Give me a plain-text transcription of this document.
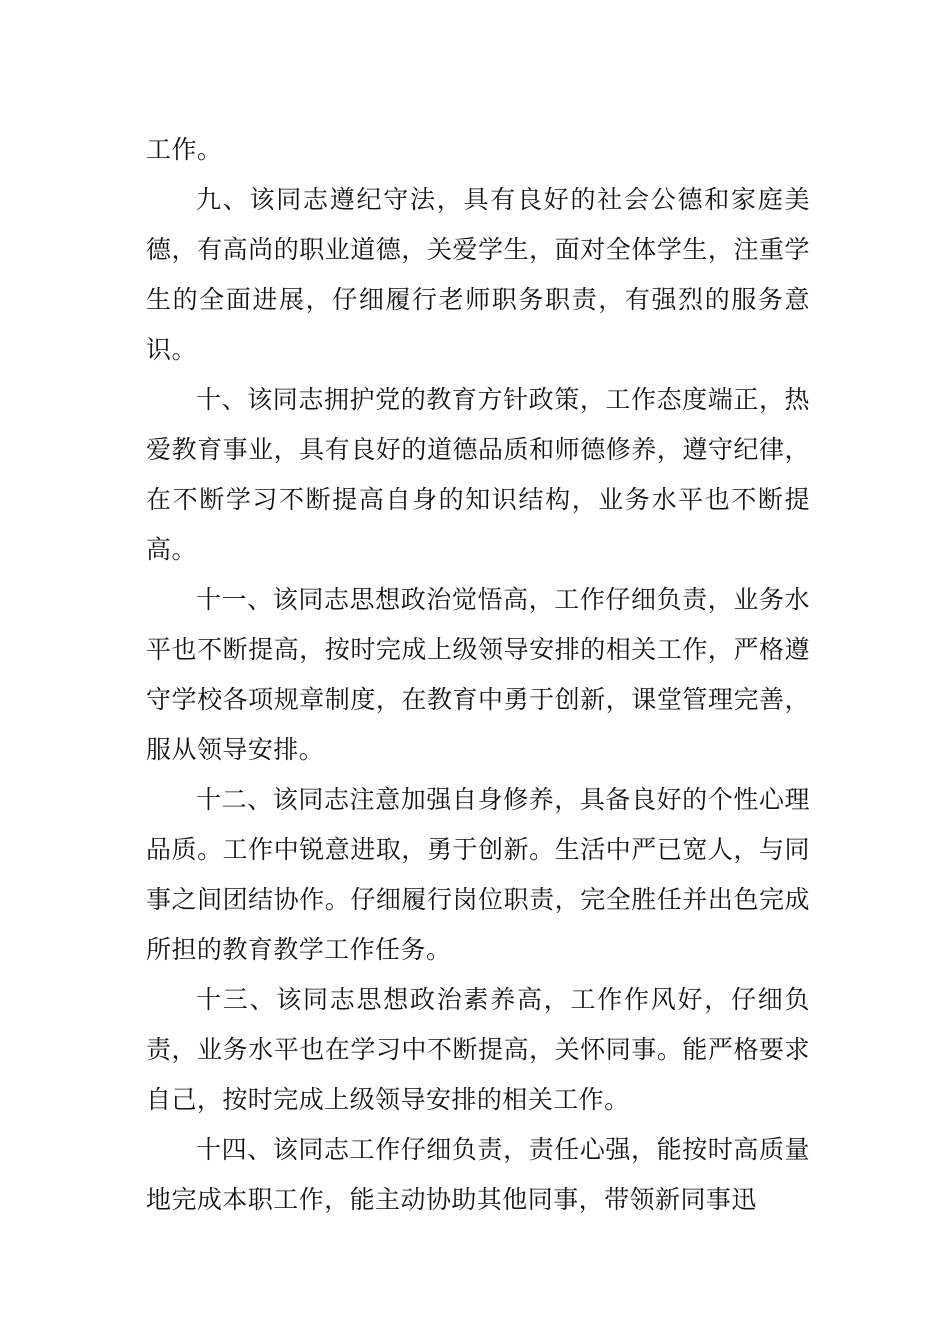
工作。

九、该同志遵纪守法，具有良好的社会公德和家庭美德，有高尚的职业道德，关爱学生，面对全体学生，注重学生的全面进展，仔细履行老师职务职责，有强烈的服务意识。

十、该同志拥护党的教育方针政策，工作态度端正，热爱教育事业，具有良好的道德品质和师德修养，遵守纪律，在不断学习不断提高自身的知识结构，业务水平也不断提高。

十一、该同志思想政治觉悟高，工作仔细负责，业务水平也不断提高，按时完成上级领导安排的相关工作，严格遵守学校各项规章制度，在教育中勇于创新，课堂管理完善，服从领导安排。

十二、该同志注意加强自身修养，具备良好的个性心理品质。工作中锐意进取，勇于创新。生活中严已宽人，与同事之间团结协作。仔细履行岗位职责，完全胜任并出色完成所担的教育教学工作任务。

十三、该同志思想政治素养高，工作作风好，仔细负责，业务水平也在学习中不断提高，关怀同事。能严格要求自己，按时完成上级领导安排的相关工作。

十四、该同志工作仔细负责，责任心强，能按时高质量地完成本职工作，能主动协助其他同事，带领新同事迅
